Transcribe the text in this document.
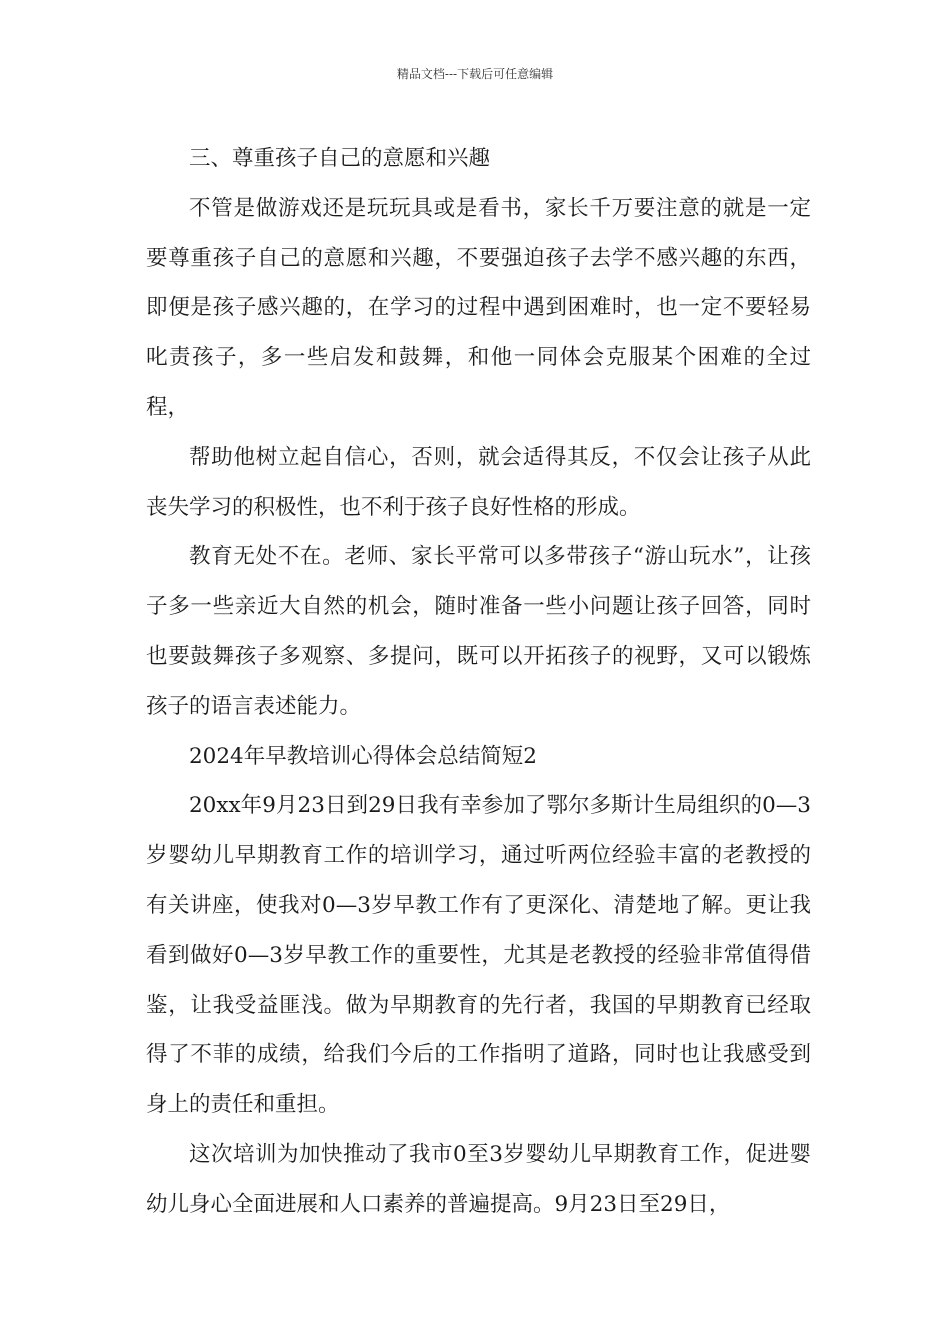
精品文档---下载后可任意编辑

三、尊重孩子自己的意愿和兴趣

不管是做游戏还是玩玩具或是看书，家长千万要注意的就是一定要尊重孩子自己的意愿和兴趣，不要强迫孩子去学不感兴趣的东西，即便是孩子感兴趣的，在学习的过程中遇到困难时，也一定不要轻易叱责孩子，多一些启发和鼓舞，和他一同体会克服某个困难的全过程，

帮助他树立起自信心，否则，就会适得其反，不仅会让孩子从此丧失学习的积极性，也不利于孩子良好性格的形成。

教育无处不在。老师、家长平常可以多带孩子“游山玩水”，让孩子多一些亲近大自然的机会，随时准备一些小问题让孩子回答，同时也要鼓舞孩子多观察、多提问，既可以开拓孩子的视野，又可以锻炼孩子的语言表述能力。

2024年早教培训心得体会总结简短2

20xx年9月23日到29日我有幸参加了鄂尔多斯计生局组织的0—3岁婴幼儿早期教育工作的培训学习，通过听两位经验丰富的老教授的有关讲座，使我对0—3岁早教工作有了更深化、清楚地了解。更让我看到做好0—3岁早教工作的重要性，尤其是老教授的经验非常值得借鉴，让我受益匪浅。做为早期教育的先行者，我国的早期教育已经取得了不菲的成绩，给我们今后的工作指明了道路，同时也让我感受到身上的责任和重担。

这次培训为加快推动了我市0至3岁婴幼儿早期教育工作，促进婴幼儿身心全面进展和人口素养的普遍提高。9月23日至29日，
